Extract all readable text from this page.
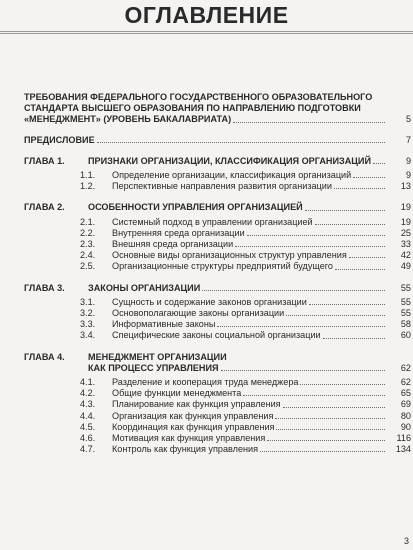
ОГЛАВЛЕНИЕ
ТРЕБОВАНИЯ ФЕДЕРАЛЬНОГО ГОСУДАРСТВЕННОГО ОБРАЗОВАТЕЛЬНОГО
СТАНДАРТА ВЫСШЕГО ОБРАЗОВАНИЯ ПО НАПРАВЛЕНИЮ ПОДГОТОВКИ
«МЕНЕДЖМЕНТ» (УРОВЕНЬ БАКАЛАВРИАТА)	5
ПРЕДИСЛОВИЕ	7
ГЛАВА 1.	ПРИЗНАКИ ОРГАНИЗАЦИИ, КЛАССИФИКАЦИЯ ОРГАНИЗАЦИЙ	9
1.1.	Определение организации, классификация организаций	9
1.2.	Перспективные направления развития организации	13
ГЛАВА 2.	ОСОБЕННОСТИ УПРАВЛЕНИЯ ОРГАНИЗАЦИЕЙ	19
2.1.	Системный подход в управлении организацией	19
2.2.	Внутренняя среда организации	25
2.3.	Внешняя среда организации	33
2.4.	Основные виды организационных структур управления	42
2.5.	Организационные структуры предприятий будущего	49
ГЛАВА 3.	ЗАКОНЫ ОРГАНИЗАЦИИ	55
3.1.	Сущность и содержание законов организации	55
3.2.	Основополагающие законы организации	55
3.3.	Информативные законы	58
3.4.	Специфические законы социальной организации	60
ГЛАВА 4.	МЕНЕДЖМЕНТ ОРГАНИЗАЦИИ
КАК ПРОЦЕСС УПРАВЛЕНИЯ	62
4.1.	Разделение и кооперация труда менеджера	62
4.2.	Общие функции менеджмента	65
4.3.	Планирование как функция управления	69
4.4.	Организация как функция управления	80
4.5.	Координация как функция управления	90
4.6.	Мотивация как функция управления	116
4.7.	Контроль как функция управления	134
3
